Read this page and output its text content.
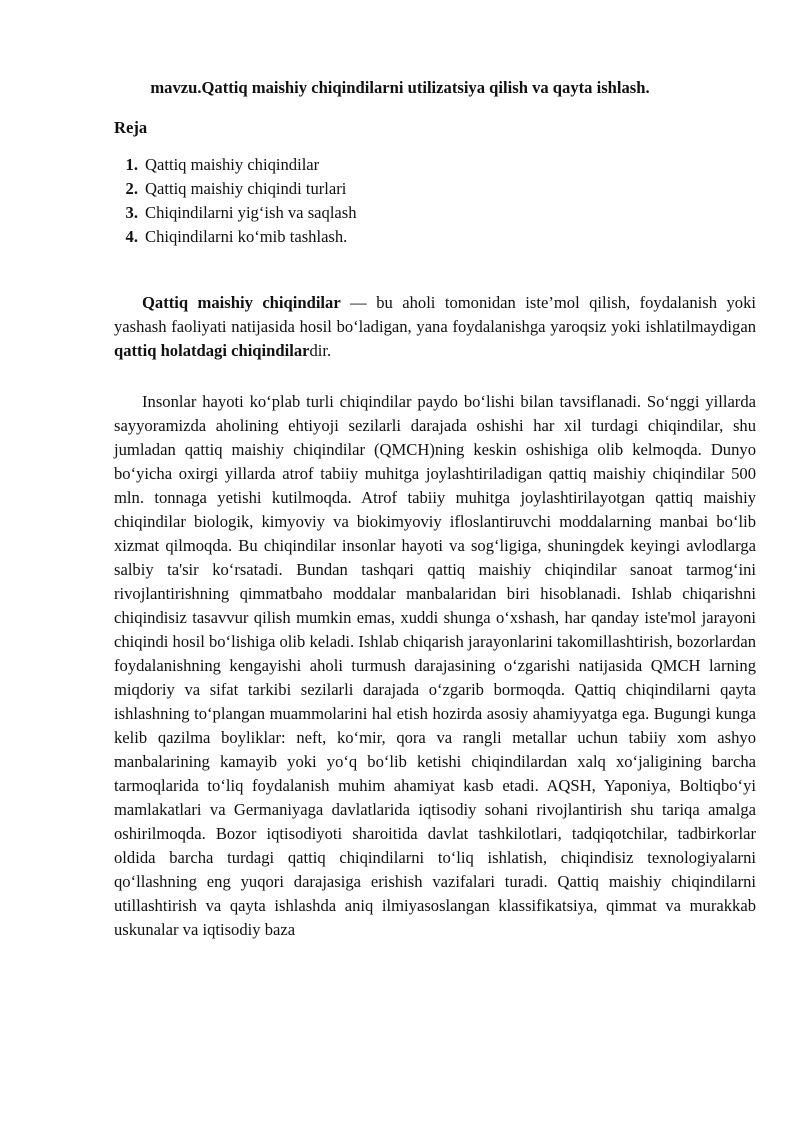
mavzu.Qattiq maishiy chiqindilarni utilizatsiya qilish va qayta ishlash.
Reja
1. Qattiq maishiy chiqindilar
2. Qattiq maishiy chiqindi turlari
3. Chiqindilarni yig‘ish va saqlash
4. Chiqindilarni ko‘mib tashlash.

Qattiq maishiy chiqindilar — bu aholi tomonidan iste’mol qilish, foydalanish yoki yashash faoliyati natijasida hosil bo‘ladigan, yana foydalanishga yaroqsiz yoki ishlatilmaydigan qattiq holatdagi chiqindilardir.

Insonlar hayoti ko‘plab turli chiqindilar paydo bo‘lishi bilan tavsiflanadi. So‘nggi yillarda sayyoramizda aholining ehtiyoji sezilarli darajada oshishi har xil turdagi chiqindilar, shu jumladan qattiq maishiy chiqindilar (QMCH)ning keskin oshishiga olib kelmoqda. Dunyo bo‘yicha oxirgi yillarda atrof tabiiy muhitga joylashtiriladigan qattiq maishiy chiqindilar 500 mln. tonnaga yetishi kutilmoqda. Atrof tabiiy muhitga joylashtirilayotgan qattiq maishiy chiqindilar biologik, kimyoviy va biokimyoviy ifloslantiruvchi moddalarning manbai bo‘lib xizmat qilmoqda. Bu chiqindilar insonlar hayoti va sog‘ligiga, shuningdek keyingi avlodlarga salbiy ta'sir ko‘rsatadi. Bundan tashqari qattiq maishiy chiqindilar sanoat tarmog‘ini rivojlantirishning qimmatbaho moddalar manbalaridan biri hisoblanadi. Ishlab chiqarishni chiqindisiz tasavvur qilish mumkin emas, xuddi shunga o‘xshash, har qanday iste'mol jarayoni chiqindi hosil bo‘lishiga olib keladi. Ishlab chiqarish jarayonlarini takomillashtirish, bozorlardan foydalanishning kengayishi aholi turmush darajasining o‘zgarishi natijasida QMCH larning miqdoriy va sifat tarkibi sezilarli darajada o‘zgarib bormoqda. Qattiq chiqindilarni qayta ishlashning to‘plangan muammolarini hal etish hozirda asosiy ahamiyyatga ega. Bugungi kunga kelib qazilma boyliklar: neft, ko‘mir, qora va rangli metallar uchun tabiiy xom ashyo manbalarining kamayib yoki yo‘q bo‘lib ketishi chiqindilardan xalq xo‘jaligining barcha tarmoqlarida to‘liq foydalanish muhim ahamiyat kasb etadi. AQSH, Yaponiya, Boltiqbo‘yi mamlakatlari va Germaniyaga davlatlarida iqtisodiy sohani rivojlantirish shu tariqa amalga oshirilmoqda. Bozor iqtisodiyoti sharoitida davlat tashkilotlari, tadqiqotchilar, tadbirkorlar oldida barcha turdagi qattiq chiqindilarni to‘liq ishlatish, chiqindisiz texnologiyalarni qo‘llashning eng yuqori darajasiga erishish vazifalari turadi. Qattiq maishiy chiqindilarni utillashtirish va qayta ishlashda aniq ilmiyasoslangan klassifikatsiya, qimmat va murakkab uskunalar va iqtisodiy baza
